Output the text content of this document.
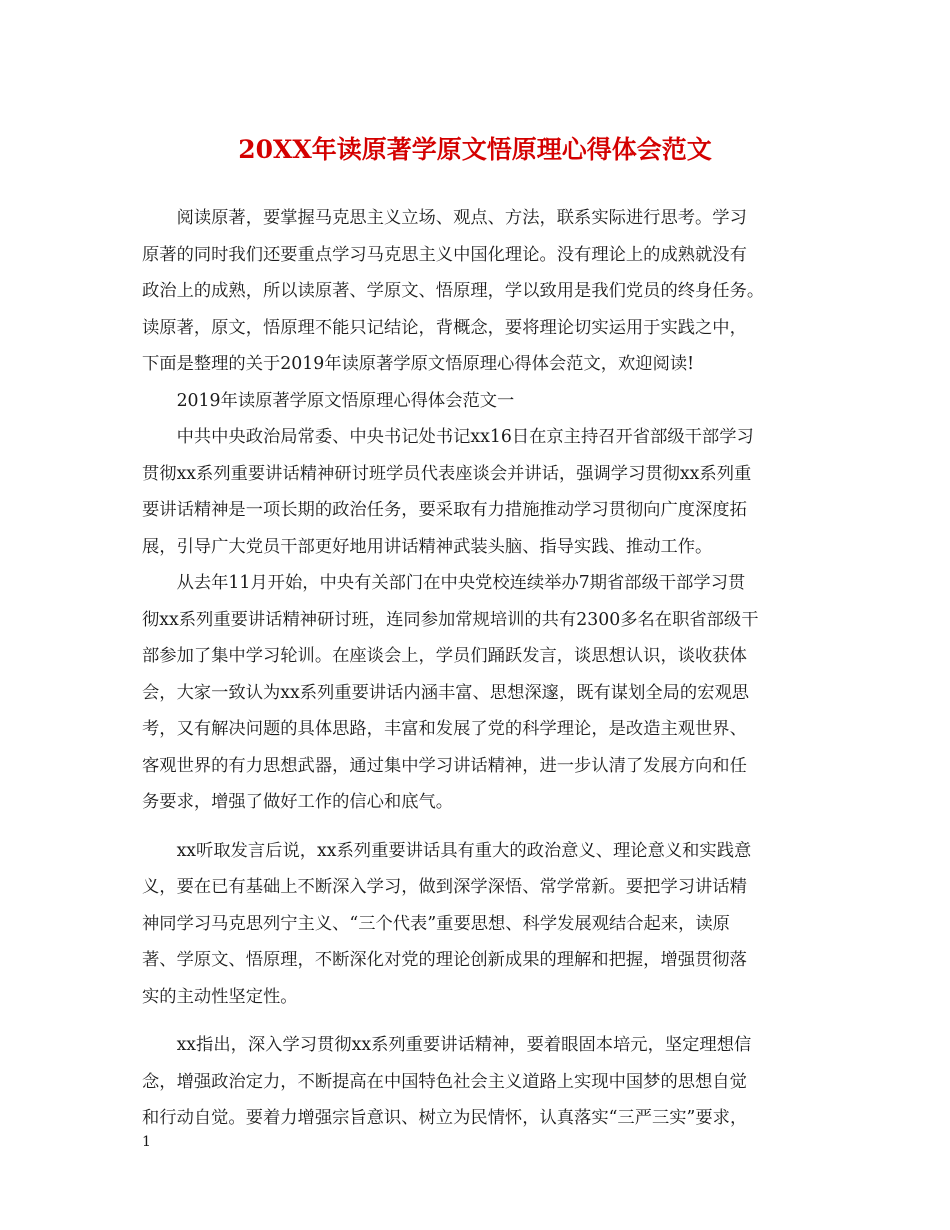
20XX年读原著学原文悟原理心得体会范文

　　阅读原著，要掌握马克思主义立场、观点、方法，联系实际进行思考。学习

原著的同时我们还要重点学习马克思主义中国化理论。没有理论上的成熟就没有

政治上的成熟，所以读原著、学原文、悟原理，学以致用是我们党员的终身任务。

读原著，原文，悟原理不能只记结论，背概念，要将理论切实运用于实践之中，

下面是整理的关于2019年读原著学原文悟原理心得体会范文，欢迎阅读!

　　2019年读原著学原文悟原理心得体会范文一

　　中共中央政治局常委、中央书记处书记xx16日在京主持召开省部级干部学习

贯彻xx系列重要讲话精神研讨班学员代表座谈会并讲话，强调学习贯彻xx系列重

要讲话精神是一项长期的政治任务，要采取有力措施推动学习贯彻向广度深度拓

展，引导广大党员干部更好地用讲话精神武装头脑、指导实践、推动工作。

　　从去年11月开始，中央有关部门在中央党校连续举办7期省部级干部学习贯

彻xx系列重要讲话精神研讨班，连同参加常规培训的共有2300多名在职省部级干

部参加了集中学习轮训。在座谈会上，学员们踊跃发言，谈思想认识，谈收获体

会，大家一致认为xx系列重要讲话内涵丰富、思想深邃，既有谋划全局的宏观思

考，又有解决问题的具体思路，丰富和发展了党的科学理论，是改造主观世界、

客观世界的有力思想武器，通过集中学习讲话精神，进一步认清了发展方向和任

务要求，增强了做好工作的信心和底气。

　　xx听取发言后说，xx系列重要讲话具有重大的政治意义、理论意义和实践意

义，要在已有基础上不断深入学习，做到深学深悟、常学常新。要把学习讲话精

神同学习马克思列宁主义、“三个代表”重要思想、科学发展观结合起来，读原

著、学原文、悟原理，不断深化对党的理论创新成果的理解和把握，增强贯彻落

实的主动性坚定性。

　　xx指出，深入学习贯彻xx系列重要讲话精神，要着眼固本培元，坚定理想信

念，增强政治定力，不断提高在中国特色社会主义道路上实现中国梦的思想自觉

和行动自觉。要着力增强宗旨意识、树立为民情怀，认真落实“三严三实”要求，

1
